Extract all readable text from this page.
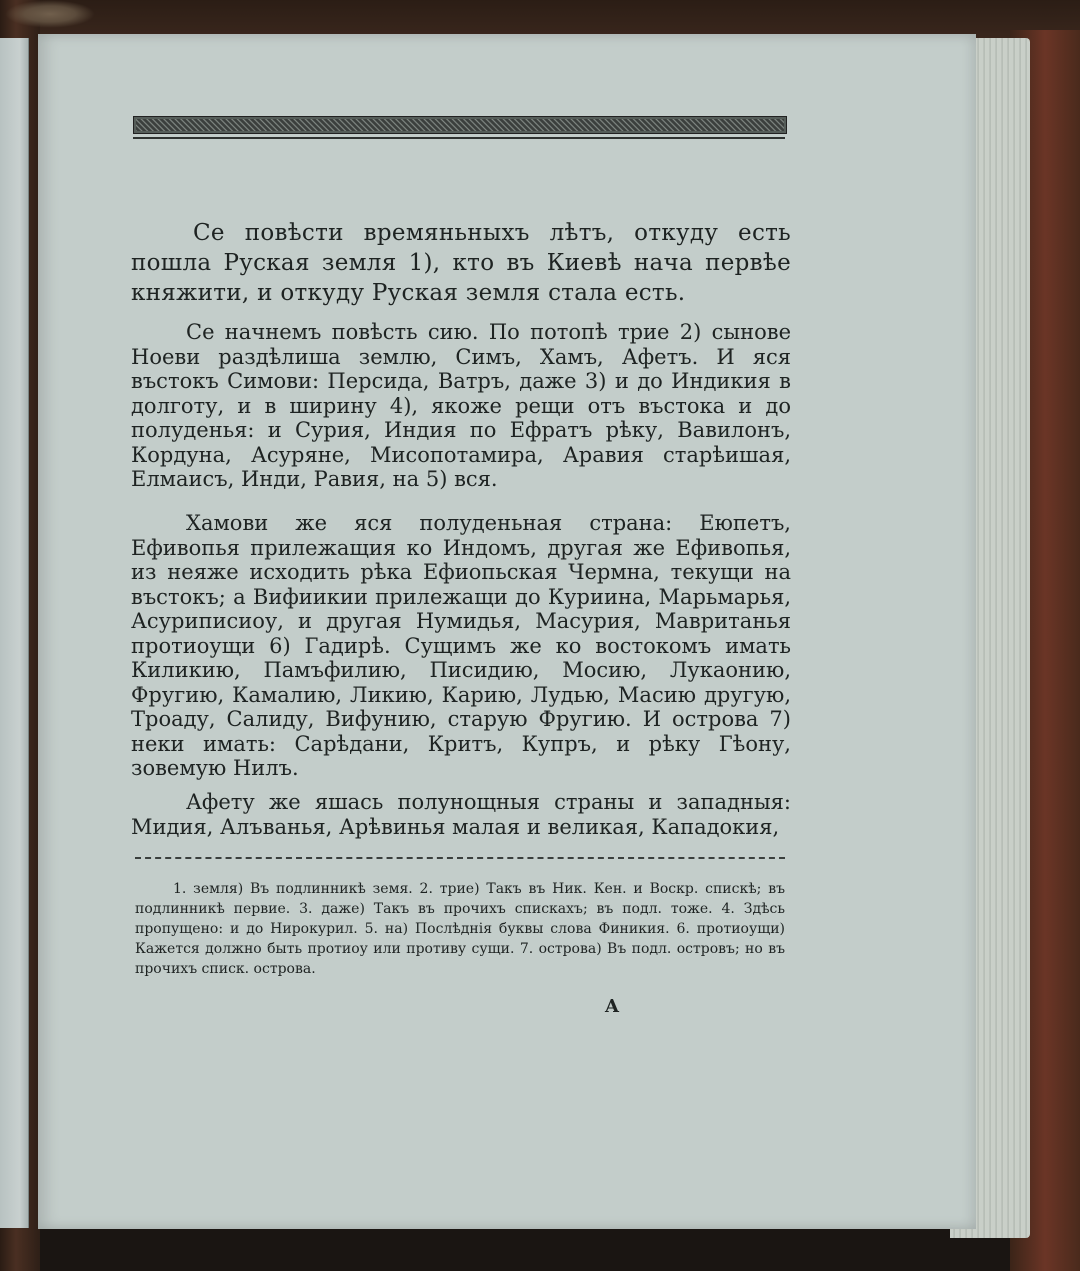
Се повѣсти времяньныхъ лѣтъ, откуду есть пошла Руская земля 1), кто въ Киевѣ нача первѣе княжити, и откуду Руская земля стала есть.

Се начнемъ повѣсть сию. По потопѣ трие 2) сынове Ноеви раздѣлиша землю, Симъ, Хамъ, Афетъ. И яся въстокъ Симови: Персида, Ватръ, даже 3) и до Индикия в долготу, и в ширину 4), якоже рещи отъ въстока и до полуденья: и Сурия, Индия по Ефратъ рѣку, Вавилонъ, Кордуна, Асуряне, Мисопотамира, Аравия старѣишая, Елмаисъ, Инди, Равия, на 5) вся.

Хамови же яся полуденьная страна: Еюпетъ, Ефивопья прилежащия ко Индомъ, другая же Ефивопья, из неяже исходить рѣка Ефиопьская Чермна, текущи на въстокъ; а Вифиикии прилежащи до Куриина, Марьмарья, Асуриписиоу, и другая Нумидья, Масурия, Мавританья протиоущи 6) Гадирѣ. Сущимъ же ко востокомъ имать Киликию, Памъфилию, Писидию, Мосию, Лукаонию, Фругию, Камалию, Ликию, Карию, Лудью, Масию другую, Троаду, Салиду, Вифунию, старую Фругию. И острова 7) неки имать: Сарѣдани, Критъ, Купръ, и рѣку Гѣону, зовемую Нилъ.

Афету же яшась полунощныя страны и западныя: Мидия, Алъванья, Арѣвинья малая и великая, Кападокия,

1. земля) Въ подлинникѣ земя. 2. трие) Такъ въ Ник. Кен. и Воскр. спискѣ; въ подлинникѣ первие. 3. даже) Такъ въ прочихъ спискахъ; въ подл. тоже. 4. Здѣсь пропущено: и до Нирокурил. 5. на) Послѣднія буквы слова Финикия. 6. протиоущи) Кажется должно быть протиоу или противу сущи. 7. острова) Въ подл. островъ; но въ прочихъ списк. острова.

A
